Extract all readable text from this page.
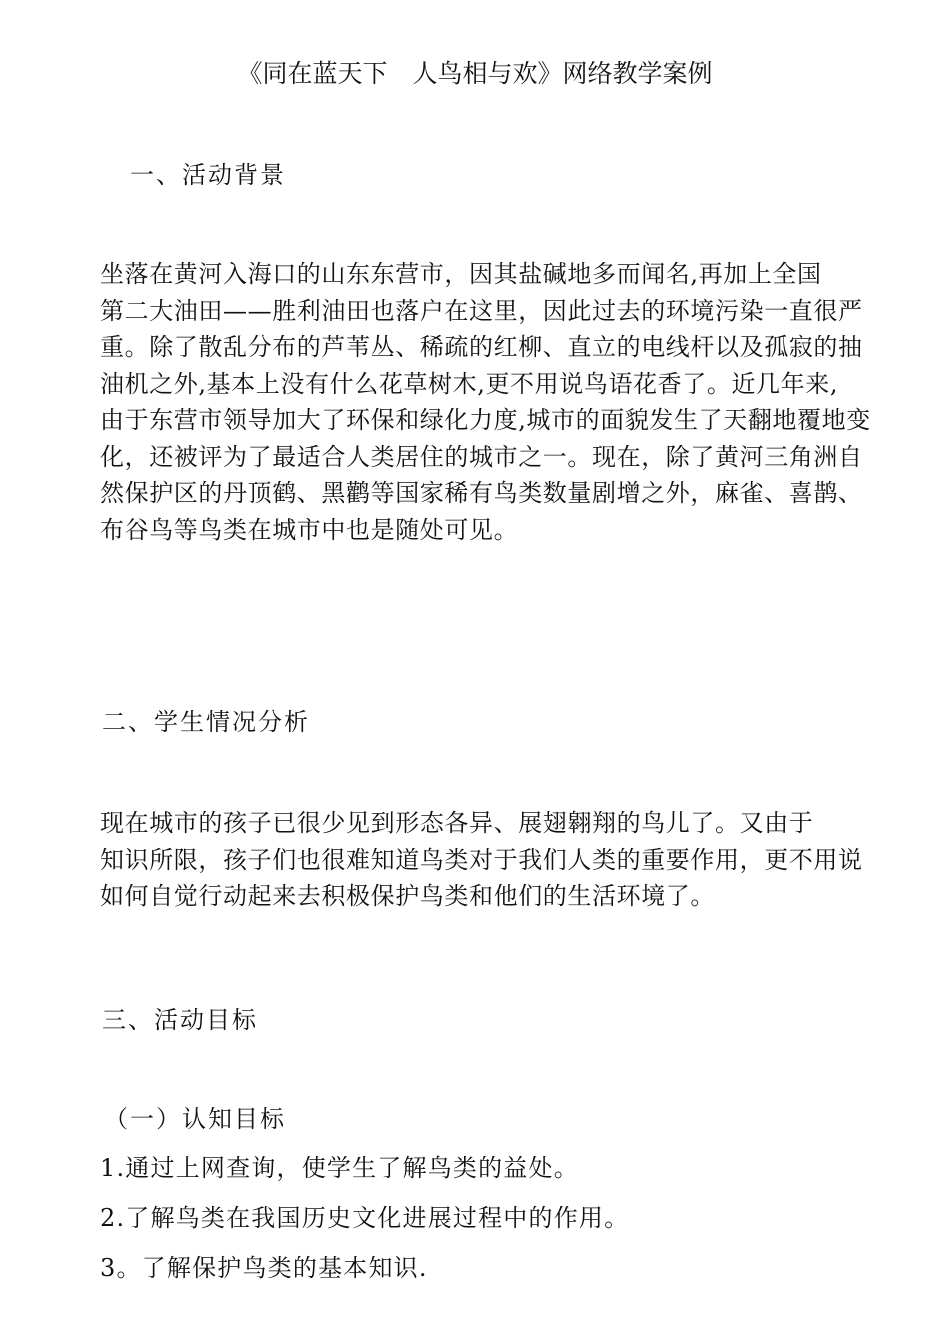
《同在蓝天下　人鸟相与欢》网络教学案例
一、活动背景
坐落在黄河入海口的山东东营市，因其盐碱地多而闻名,再加上全国
第二大油田——胜利油田也落户在这里，因此过去的环境污染一直很严
重。除了散乱分布的芦苇丛、稀疏的红柳、直立的电线杆以及孤寂的抽
油机之外,基本上没有什么花草树木,更不用说鸟语花香了。近几年来,
由于东营市领导加大了环保和绿化力度,城市的面貌发生了天翻地覆地变
化，还被评为了最适合人类居住的城市之一。现在，除了黄河三角洲自
然保护区的丹顶鹤、黑鹳等国家稀有鸟类数量剧增之外，麻雀、喜鹊、
布谷鸟等鸟类在城市中也是随处可见。
二、学生情况分析
现在城市的孩子已很少见到形态各异、展翅翱翔的鸟儿了。又由于
知识所限，孩子们也很难知道鸟类对于我们人类的重要作用，更不用说
如何自觉行动起来去积极保护鸟类和他们的生活环境了。
三、活动目标
（一）认知目标
1.通过上网查询，使学生了解鸟类的益处。
2.了解鸟类在我国历史文化进展过程中的作用。
3。了解保护鸟类的基本知识.
